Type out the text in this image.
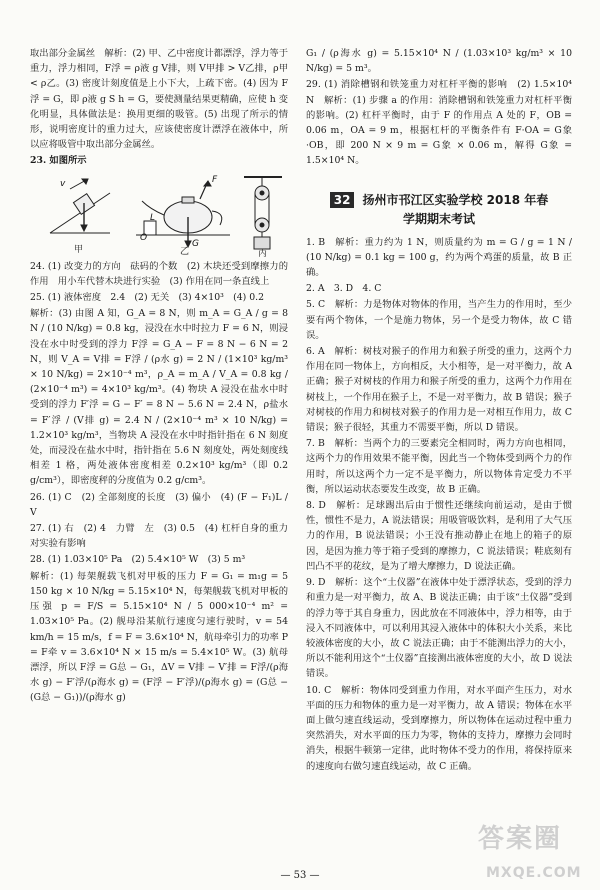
取出部分金属丝　解析：(2) 甲、乙中密度计都漂浮，浮力等于重力，浮力相同，F浮 = ρ液 g V排，则 V甲排 > V乙排，ρ甲 < ρ乙。(3) 密度计刻度值是上小下大，上疏下密。(4) 因为 F浮 = G，即 ρ液 g S h = G，要使测量结果更精确，应使 h 变化明显，具体做法是：换用更细的吸管。(5) 出现了所示的情形，说明密度计的重力过大，应该使密度计漂浮在液体中，所以应将吸管中取出部分金属丝。

23. 如图所示

甲	乙	丙
F
G
L
O
v

24. (1) 改变力的方向　砝码的个数　(2) 木块还受到摩擦力的作用　用小车代替木块进行实验　(3) 作用在同一条直线上

25. (1) 液体密度　2.4　(2) 无关　(3) 4×10³　(4) 0.2

解析：(3) 由图 A 知，G_A = 8 N，则 m_A = G_A / g = 8 N / (10 N/kg) = 0.8 kg，浸没在水中时拉力 F = 6 N，则浸没在水中时受到的浮力 F浮 = G_A − F = 8 N − 6 N = 2 N，则 V_A = V排 = F浮 / (ρ水 g) = 2 N / (1×10³ kg/m³ × 10 N/kg) = 2×10⁻⁴ m³，ρ_A = m_A / V_A = 0.8 kg / (2×10⁻⁴ m³) = 4×10³ kg/m³。(4) 物块 A 浸没在盐水中时受到的浮力 F′浮 = G − F′ = 8 N − 5.6 N = 2.4 N，ρ盐水 = F′浮 / (V排 g) = 2.4 N / (2×10⁻⁴ m³ × 10 N/kg) = 1.2×10³ kg/m³，当物块 A 浸没在水中时指针指在 6 N 刻度处，而浸没在盐水中时，指针指在 5.6 N 刻度处，两处刻度线相差 1 格，两处液体密度相差 0.2×10³ kg/m³（即 0.2 g/cm³），即密度秤的分度值为 0.2 g/cm³。

26. (1) C　(2) 全部刻度的长度　(3) 偏小　(4) (F − F₁)L / V

27. (1) 右　(2) 4　力臂　左　(3) 0.5　(4) 杠杆自身的重力对实验有影响

28. (1) 1.03×10⁵ Pa　(2) 5.4×10⁵ W　(3) 5 m³

解析：(1) 每架舰载飞机对甲板的压力 F = G₁ = m₁g = 5 150 kg × 10 N/kg = 5.15×10⁴ N，每架舰载飞机对甲板的压强 p = F/S = 5.15×10⁴ N / 5 000×10⁻⁴ m² = 1.03×10⁵ Pa。(2) 舰母沿某航行速度匀速行驶时，v = 54 km/h = 15 m/s，f = F = 3.6×10⁴ N，航母牵引力的功率 P = F牵 v = 3.6×10⁴ N × 15 m/s = 5.4×10⁵ W。(3) 航母漂浮，所以 F浮 = G总 − G₁，ΔV = V排 − V′排 = F浮/(ρ海水 g) − F′浮/(ρ海水 g) = (F浮 − F′浮)/(ρ海水 g) = (G总 − (G总 − G₁))/(ρ海水 g)

G₁ / (ρ海水 g) = 5.15×10⁴ N / (1.03×10³ kg/m³ × 10 N/kg) = 5 m³。

29. (1) 消除槽钢和铁笼重力对杠杆平衡的影响　(2) 1.5×10⁴ N　解析：(1) 步骤 a 的作用：消除槽钢和铁笼重力对杠杆平衡的影响。(2) 杠杆平衡时，由于 F 的作用点 A 处的 F，OB = 0.06 m，OA = 9 m，根据杠杆的平衡条件有 F·OA = G象·OB，即 200 N × 9 m = G象 × 0.06 m，解得 G象 = 1.5×10⁴ N。

32 扬州市邗江区实验学校 2018 年春
学期期末考试

1. B　解析：重力约为 1 N，则质量约为 m = G / g = 1 N / (10 N/kg) = 0.1 kg = 100 g，约为两个鸡蛋的质量，故 B 正确。

2. A　3. D　4. C

5. C　解析：力是物体对物体的作用，当产生力的作用时，至少要有两个物体，一个是施力物体，另一个是受力物体，故 C 错误。

6. A　解析：树枝对猴子的作用力和猴子所受的重力，这两个力作用在同一物体上，方向相反，大小相等，是一对平衡力，故 A 正确；猴子对树枝的作用力和猴子所受的重力，这两个力作用在树枝上，一个作用在猴子上，不是一对平衡力，故 B 错误；猴子对树枝的作用力和树枝对猴子的作用力是一对相互作用力，故 C 错误；猴子很轻，其重力不需要平衡，所以 D 错误。

7. B　解析：当两个力的三要素完全相同时，两力方向也相同，这两个力的作用效果不能平衡，因此当一个物体受到两个力的作用时，所以这两个力一定不是平衡力，所以物体肯定受力不平衡，所以运动状态要发生改变，故 B 正确。

8. D　解析：足球踢出后由于惯性还继续向前运动，是由于惯性，惯性不是力，A 说法错误；用吸管吸饮料，是利用了大气压力的作用，B 说法错误；小王没有推动静止在地上的箱子的原因，是因为推力等于箱子受到的摩擦力，C 说法错误；鞋底刻有凹凸不平的花纹，是为了增大摩擦力，D 说法正确。

9. D　解析：这个“土仪器”在液体中处于漂浮状态，受到的浮力和重力是一对平衡力，故 A、B 说法正确；由于该“土仪器”受到的浮力等于其自身重力，因此放在不同液体中，浮力相等，由于浸入不同液体中，可以利用其浸入液体中的体积大小关系，来比较液体密度的大小，故 C 说法正确；由于不能测出浮力的大小，所以不能利用这个“土仪器”直接测出液体密度的大小，故 D 说法错误。

10. C　解析：物体同受到重力作用，对水平面产生压力，对水平面的压力和物体的重力是一对平衡力，故 A 错误；物体在水平面上做匀速直线运动，受到摩擦力，所以物体在运动过程中重力突然消失，对水平面的压力为零，物体的支持力，摩擦力会同时消失，根据牛顿第一定律，此时物体不受力的作用，将保持原来的速度向右做匀速直线运动，故 C 正确。

— 53 —
答案圈
MXQE.COM
